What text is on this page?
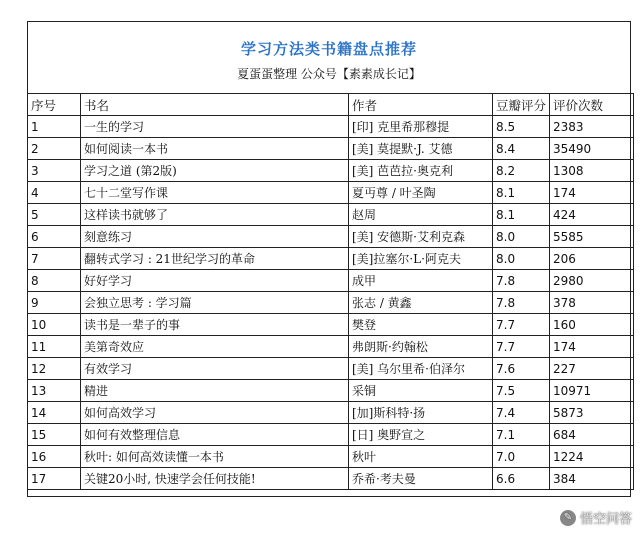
学习方法类书籍盘点推荐
夏蛋蛋整理 公众号【素素成长记】
序号	书名	作者	豆瓣评分	评价次数
1	一生的学习	[印] 克里希那穆提	8.5	2383
2	如何阅读一本书	[美] 莫提默·J. 艾德	8.4	35490
3	学习之道 (第2版)	[美] 芭芭拉·奥克利	8.2	1308
4	七十二堂写作课	夏丏尊 / 叶圣陶	8.1	174
5	这样读书就够了	赵周	8.1	424
6	刻意练习	[美] 安德斯·艾利克森	8.0	5585
7	翻转式学习 : 21世纪学习的革命	[美]拉塞尔·L·阿克夫	8.0	206
8	好好学习	成甲	7.8	2980
9	会独立思考 : 学习篇	张志 / 黄鑫	7.8	378
10	读书是一辈子的事	樊登	7.7	160
11	美第奇效应	弗朗斯·约翰松	7.7	174
12	有效学习	[美] 乌尔里希·伯泽尔	7.6	227
13	精进	采铜	7.5	10971
14	如何高效学习	[加]斯科特·扬	7.4	5873
15	如何有效整理信息	[日] 奥野宣之	7.1	684
16	秋叶: 如何高效读懂一本书	秋叶	7.0	1224
17	关键20小时, 快速学会任何技能!	乔希·考夫曼	6.6	384
✎ 悟空问答
